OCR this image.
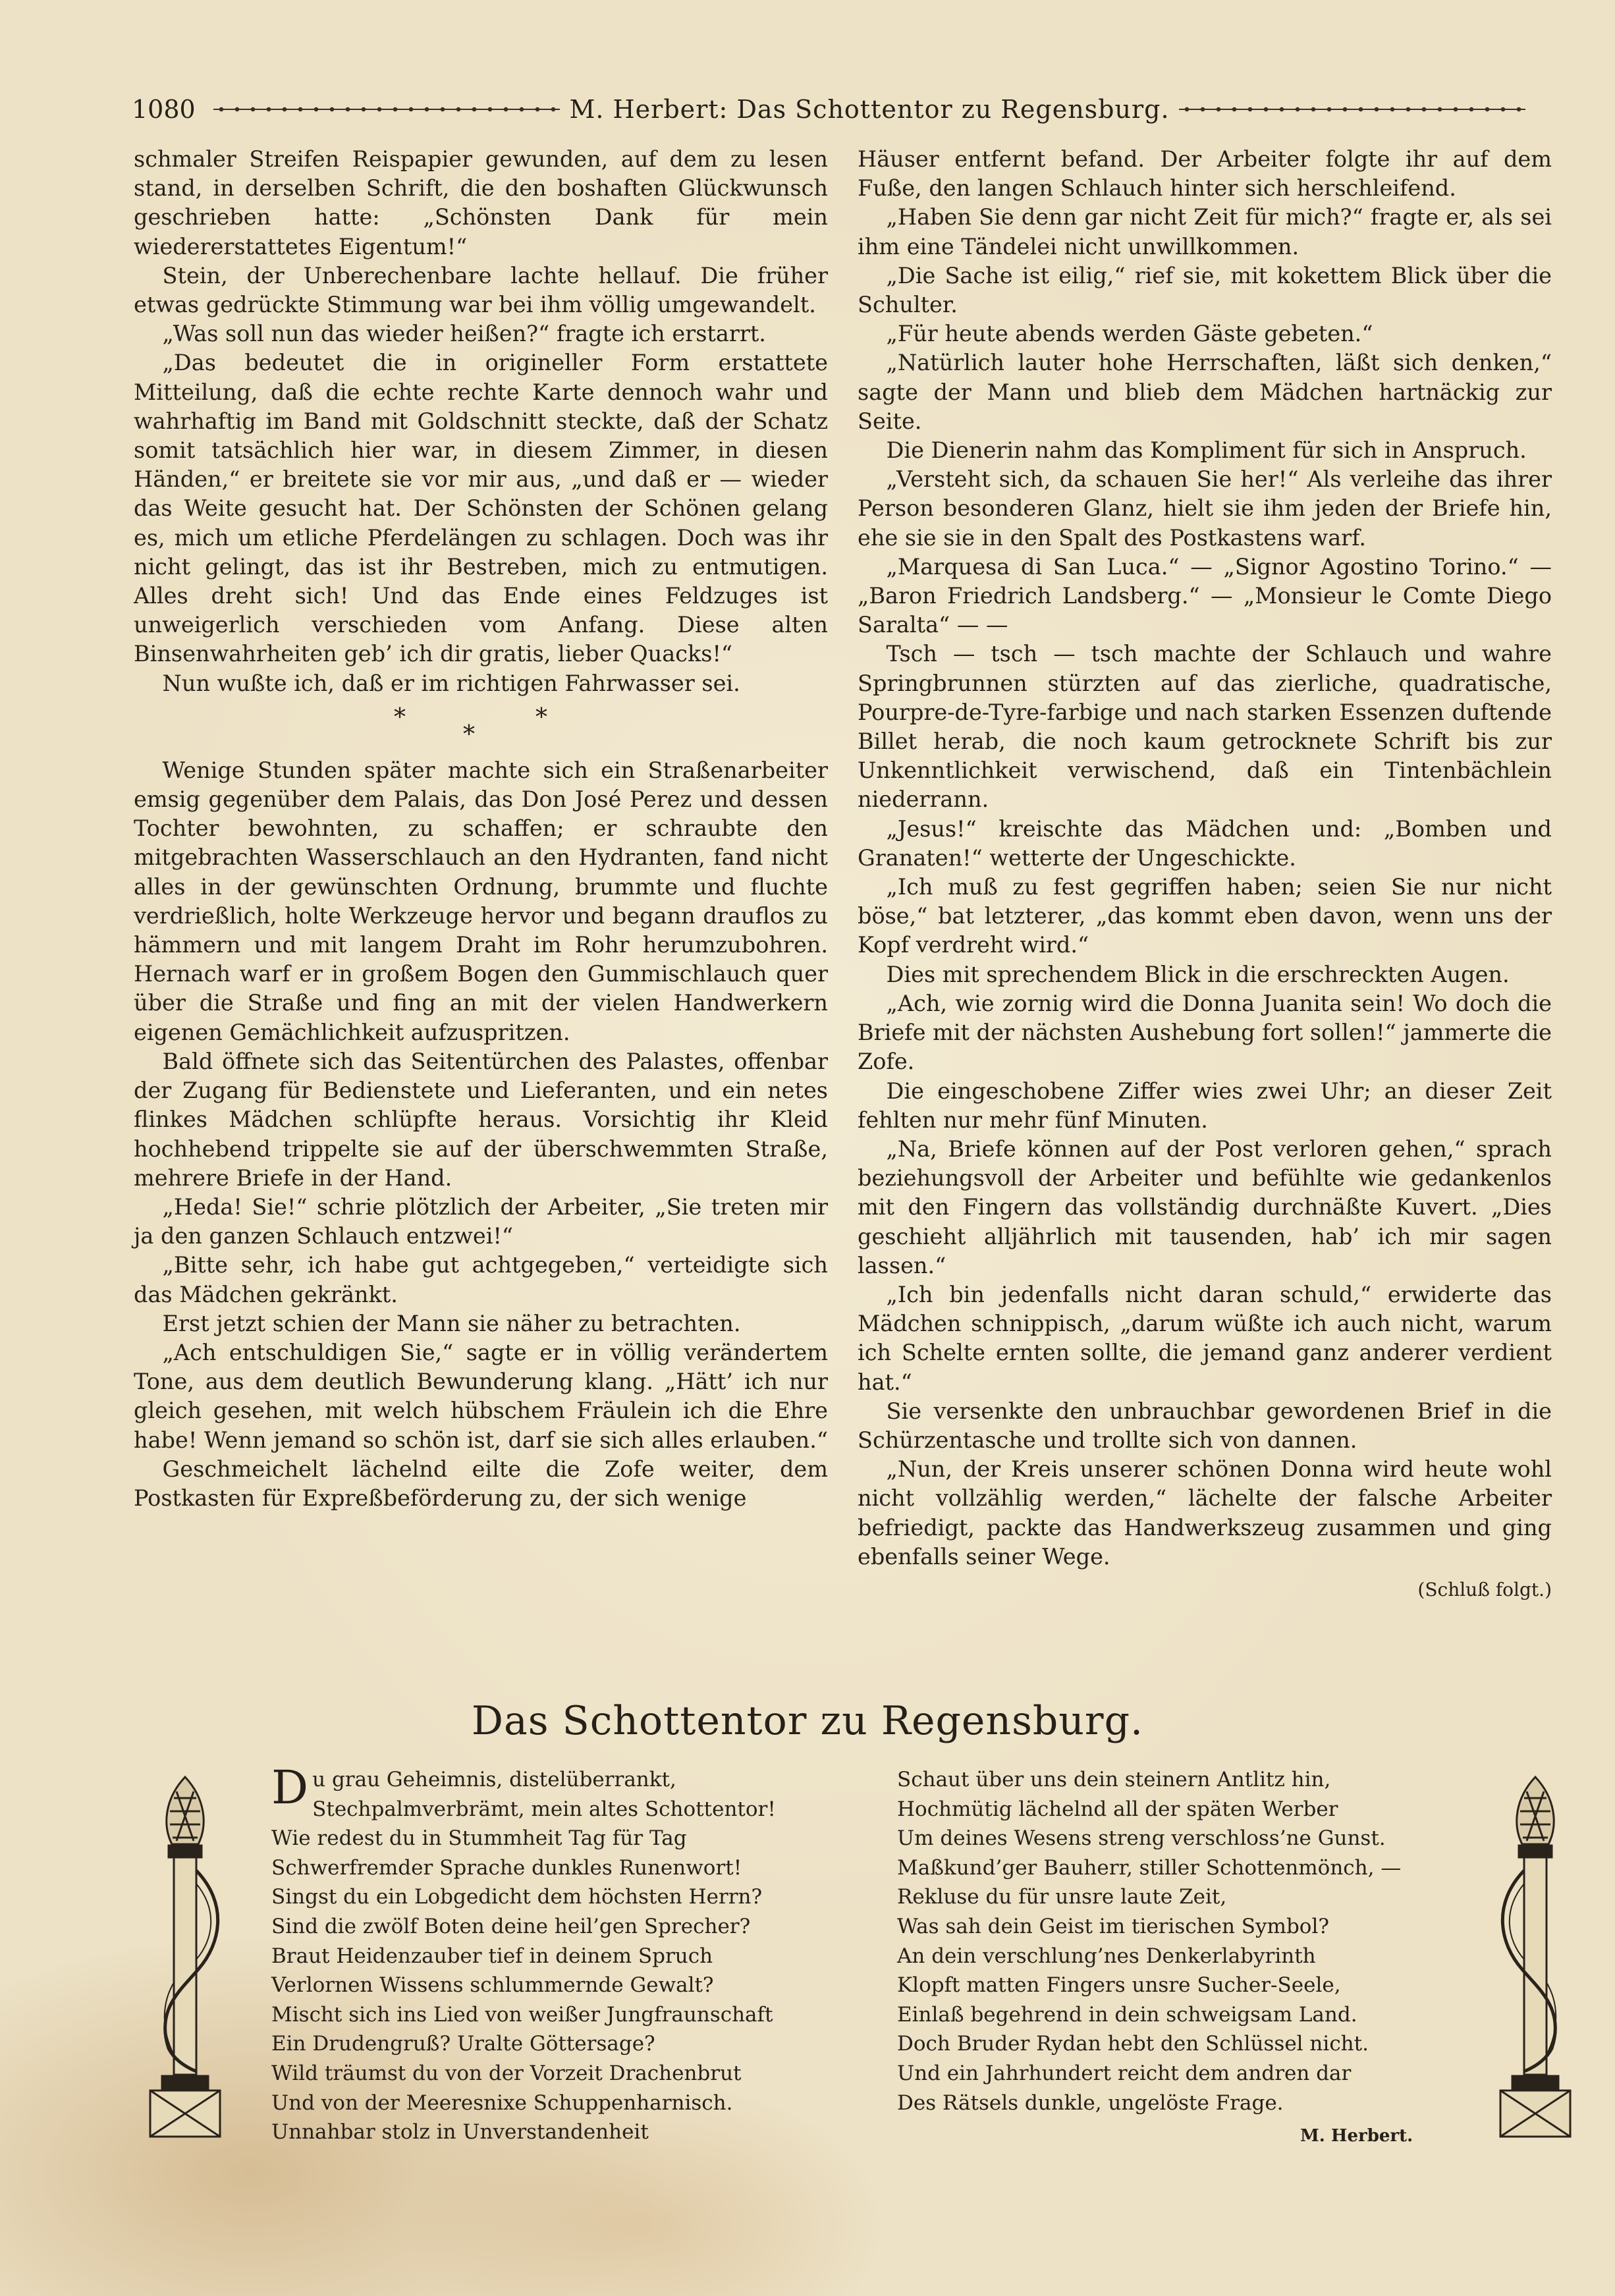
1080	M. Herbert: Das Schottentor zu Regensburg.

schmaler Streifen Reispapier gewunden, auf dem zu lesen stand, in derselben Schrift, die den boshaften Glückwunsch geschrieben hatte: „Schönsten Dank für mein wiedererstattetes Eigentum!“

Stein, der Unberechenbare lachte hellauf. Die früher etwas gedrückte Stimmung war bei ihm völlig umgewandelt.

„Was soll nun das wieder heißen?“ fragte ich erstarrt.

„Das bedeutet die in origineller Form erstattete Mitteilung, daß die echte rechte Karte dennoch wahr und wahrhaftig im Band mit Goldschnitt steckte, daß der Schatz somit tatsächlich hier war, in diesem Zimmer, in diesen Händen,“ er breitete sie vor mir aus, „und daß er — wieder das Weite gesucht hat. Der Schönsten der Schönen gelang es, mich um etliche Pferdelängen zu schlagen. Doch was ihr nicht gelingt, das ist ihr Bestreben, mich zu entmutigen. Alles dreht sich! Und das Ende eines Feldzuges ist unweigerlich verschieden vom Anfang. Diese alten Binsenwahrheiten geb’ ich dir gratis, lieber Quacks!“

Nun wußte ich, daß er im richtigen Fahrwasser sei.

*
*
*

Wenige Stunden später machte sich ein Straßenarbeiter emsig gegenüber dem Palais, das Don José Perez und dessen Tochter bewohnten, zu schaffen; er schraubte den mitgebrachten Wasserschlauch an den Hydranten, fand nicht alles in der gewünschten Ordnung, brummte und fluchte verdrießlich, holte Werkzeuge hervor und begann drauflos zu hämmern und mit langem Draht im Rohr herumzubohren. Hernach warf er in großem Bogen den Gummischlauch quer über die Straße und fing an mit der vielen Handwerkern eigenen Gemächlichkeit aufzuspritzen.

Bald öffnete sich das Seitentürchen des Palastes, offenbar der Zugang für Bedienstete und Lieferanten, und ein netes flinkes Mädchen schlüpfte heraus. Vorsichtig ihr Kleid hochhebend trippelte sie auf der überschwemmten Straße, mehrere Briefe in der Hand.

„Heda! Sie!“ schrie plötzlich der Arbeiter, „Sie treten mir ja den ganzen Schlauch entzwei!“

„Bitte sehr, ich habe gut achtgegeben,“ verteidigte sich das Mädchen gekränkt.

Erst jetzt schien der Mann sie näher zu betrachten.

„Ach entschuldigen Sie,“ sagte er in völlig verändertem Tone, aus dem deutlich Bewunderung klang. „Hätt’ ich nur gleich gesehen, mit welch hübschem Fräulein ich die Ehre habe! Wenn jemand so schön ist, darf sie sich alles erlauben.“

Geschmeichelt lächelnd eilte die Zofe weiter, dem Postkasten für Expreßbeförderung zu, der sich wenige

Häuser entfernt befand. Der Arbeiter folgte ihr auf dem Fuße, den langen Schlauch hinter sich herschleifend.

„Haben Sie denn gar nicht Zeit für mich?“ fragte er, als sei ihm eine Tändelei nicht unwillkommen.

„Die Sache ist eilig,“ rief sie, mit kokettem Blick über die Schulter.

„Für heute abends werden Gäste gebeten.“

„Natürlich lauter hohe Herrschaften, läßt sich denken,“ sagte der Mann und blieb dem Mädchen hartnäckig zur Seite.

Die Dienerin nahm das Kompliment für sich in Anspruch.

„Versteht sich, da schauen Sie her!“ Als verleihe das ihrer Person besonderen Glanz, hielt sie ihm jeden der Briefe hin, ehe sie sie in den Spalt des Postkastens warf.

„Marquesa di San Luca.“ — „Signor Agostino Torino.“ — „Baron Friedrich Landsberg.“ — „Monsieur le Comte Diego Saralta“ — —

Tsch — tsch — tsch machte der Schlauch und wahre Springbrunnen stürzten auf das zierliche, quadratische, Pourpre-de-Tyre-farbige und nach starken Essenzen duftende Billet herab, die noch kaum getrocknete Schrift bis zur Unkenntlichkeit verwischend, daß ein Tintenbächlein niederrann.

„Jesus!“ kreischte das Mädchen und: „Bomben und Granaten!“ wetterte der Ungeschickte.

„Ich muß zu fest gegriffen haben; seien Sie nur nicht böse,“ bat letzterer, „das kommt eben davon, wenn uns der Kopf verdreht wird.“

Dies mit sprechendem Blick in die erschreckten Augen.

„Ach, wie zornig wird die Donna Juanita sein! Wo doch die Briefe mit der nächsten Aushebung fort sollen!“ jammerte die Zofe.

Die eingeschobene Ziffer wies zwei Uhr; an dieser Zeit fehlten nur mehr fünf Minuten.

„Na, Briefe können auf der Post verloren gehen,“ sprach beziehungsvoll der Arbeiter und befühlte wie gedankenlos mit den Fingern das vollständig durchnäßte Kuvert. „Dies geschieht alljährlich mit tausenden, hab’ ich mir sagen lassen.“

„Ich bin jedenfalls nicht daran schuld,“ erwiderte das Mädchen schnippisch, „darum wüßte ich auch nicht, warum ich Schelte ernten sollte, die jemand ganz anderer verdient hat.“

Sie versenkte den unbrauchbar gewordenen Brief in die Schürzentasche und trollte sich von dannen.

„Nun, der Kreis unserer schönen Donna wird heute wohl nicht vollzählig werden,“ lächelte der falsche Arbeiter befriedigt, packte das Handwerkszeug zusammen und ging ebenfalls seiner Wege.

(Schluß folgt.)
Das Schottentor zu Regensburg.
D u grau Geheimnis, distelüberrankt,
Stechpalmverbrämt, mein altes Schottentor!
Wie redest du in Stummheit Tag für Tag
Schwerfremder Sprache dunkles Runenwort!
Singst du ein Lobgedicht dem höchsten Herrn?
Sind die zwölf Boten deine heil’gen Sprecher?
Braut Heidenzauber tief in deinem Spruch
Verlornen Wissens schlummernde Gewalt?
Mischt sich ins Lied von weißer Jungfraunschaft
Ein Drudengruß? Uralte Göttersage?
Wild träumst du von der Vorzeit Drachenbrut
Und von der Meeresnixe Schuppenharnisch.
Unnahbar stolz in Unverstandenheit
Schaut über uns dein steinern Antlitz hin,
Hochmütig lächelnd all der späten Werber
Um deines Wesens streng verschloss’ne Gunst.
Maßkund’ger Bauherr, stiller Schottenmönch, —
Rekluse du für unsre laute Zeit,
Was sah dein Geist im tierischen Symbol?
An dein verschlung’nes Denkerlabyrinth
Klopft matten Fingers unsre Sucher-Seele,
Einlaß begehrend in dein schweigsam Land.
Doch Bruder Rydan hebt den Schlüssel nicht.
Und ein Jahrhundert reicht dem andren dar
Des Rätsels dunkle, ungelöste Frage.
M. Herbert.
